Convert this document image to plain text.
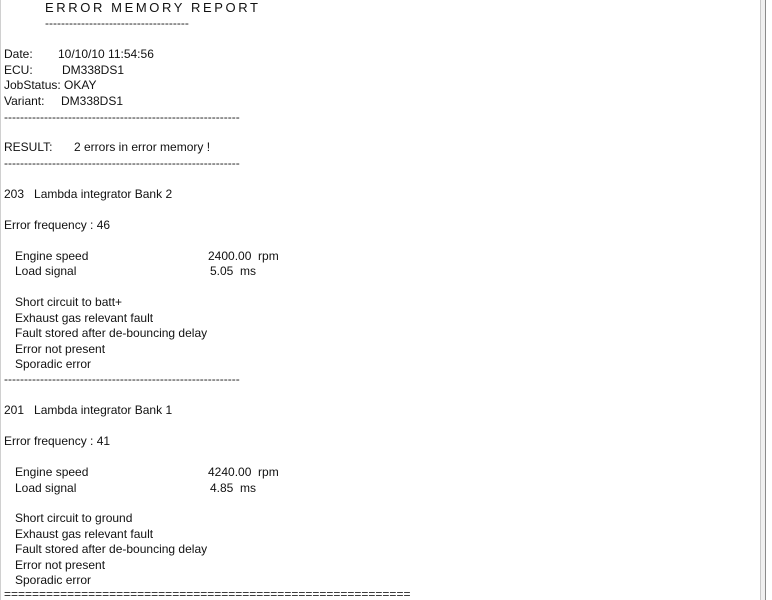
ERROR MEMORY REPORT
------------------------------------
Date: 10/10/10 11:54:56
ECU: DM338DS1
JobStatus: OKAY
Variant: DM338DS1
-----------------------------------------------------------
RESULT: 2 errors in error memory !
-----------------------------------------------------------
203   Lambda integrator Bank 2
Error frequency : 46
Engine speed	2400.00  rpm
Load signal	5.05  ms
Short circuit to batt+
Exhaust gas relevant fault
Fault stored after de-bouncing delay
Error not present
Sporadic error
-----------------------------------------------------------
201   Lambda integrator Bank 1
Error frequency : 41
Engine speed	4240.00  rpm
Load signal	4.85  ms
Short circuit to ground
Exhaust gas relevant fault
Fault stored after de-bouncing delay
Error not present
Sporadic error
==========================================================
